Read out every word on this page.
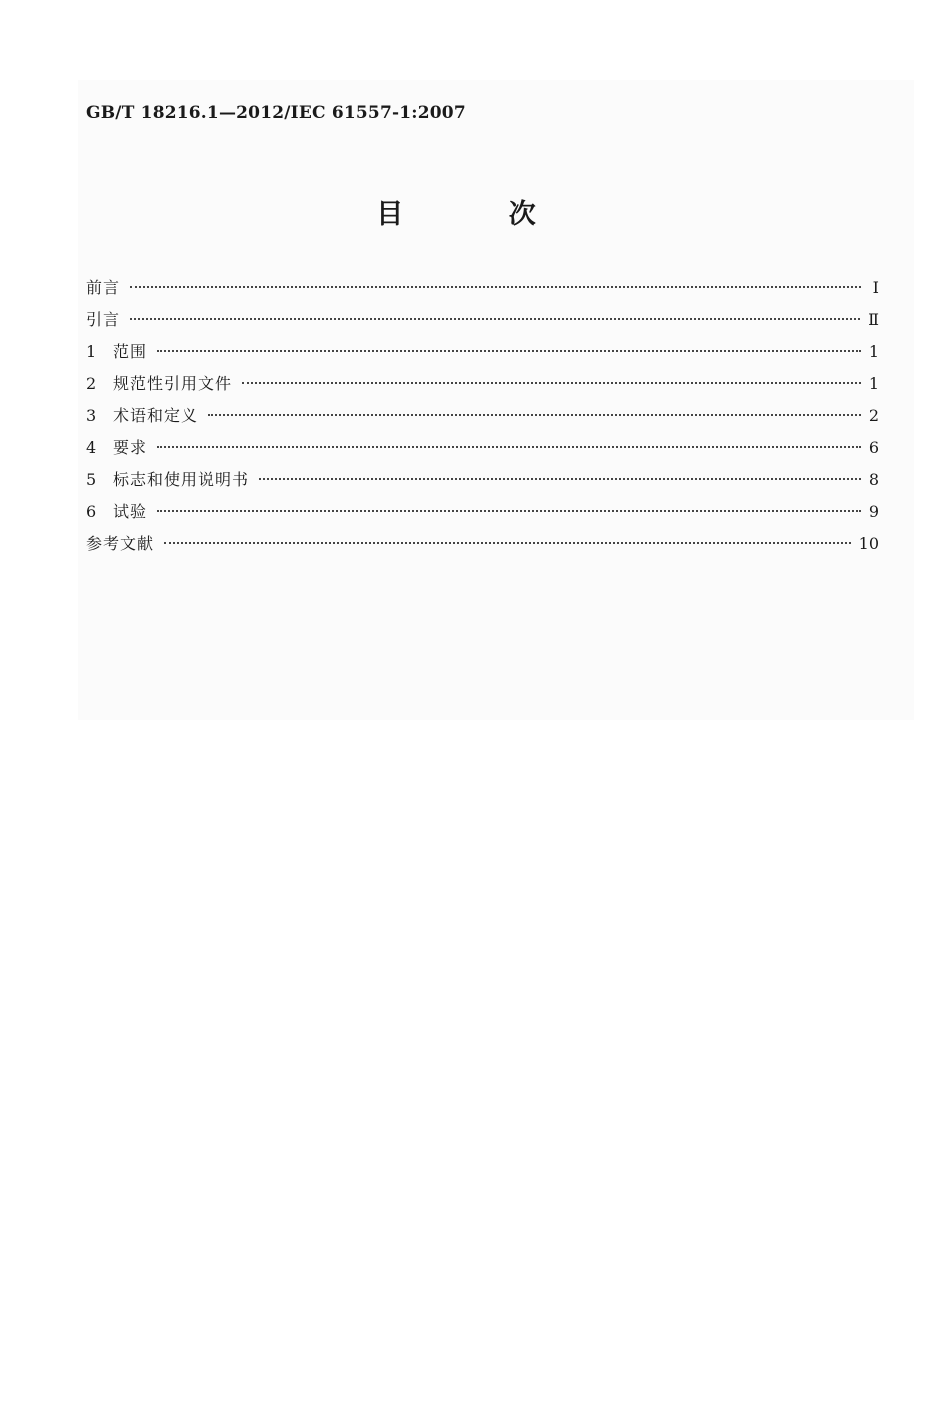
GB/T 18216.1—2012/IEC 61557-1:2007
目 次
前言	Ⅰ
引言	Ⅱ
1	范围	1
2	规范性引用文件	1
3	术语和定义	2
4	要求	6
5	标志和使用说明书	8
6	试验	9
参考文献	10
